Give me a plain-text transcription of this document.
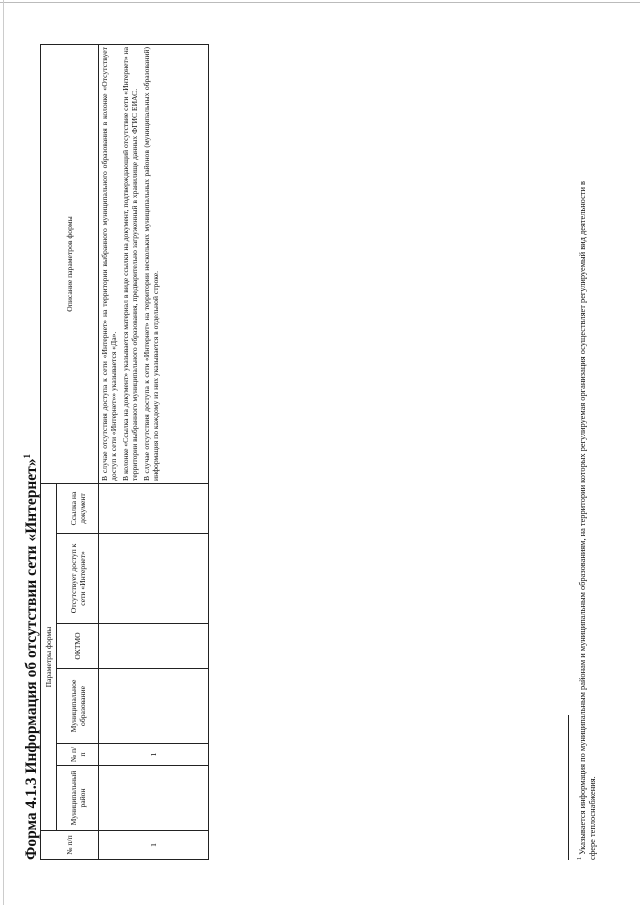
Форма 4.1.3 Информация об отсутствии сети «Интернет»$^1$
№ п/п	Параметры формы						Описание параметров формы
	Муниципальный район	№ п/п	Муниципальное образование	ОКТМО	Отсутствует доступ к сети «Интернет»	Ссылка на документ	
1		1					В случае отсутствия доступа к сети «Интернет» на территории выбранного муниципального образования в колонке «Отсутствует доступ к сети «Интернет»» указывается «Да». В колонке «Ссылка на документ» указывается материал в виде ссылки на документ, подтверждающий отсутствие сети «Интернет» на территории выбранного муниципального образования, предварительно загруженный в хранилище данных ФГИС ЕИАС. В случае отсутствия доступа к сети «Интернет» на территории нескольких муниципальных районов (муниципальных образований) информация по каждому из них указывается в отдельной строке.

$^1$ Указывается информация по муниципальным районам и муниципальным образованиям, на территории которых регулируемая организация осуществляет регулируемый вид деятельности в сфере теплоснабжения.
